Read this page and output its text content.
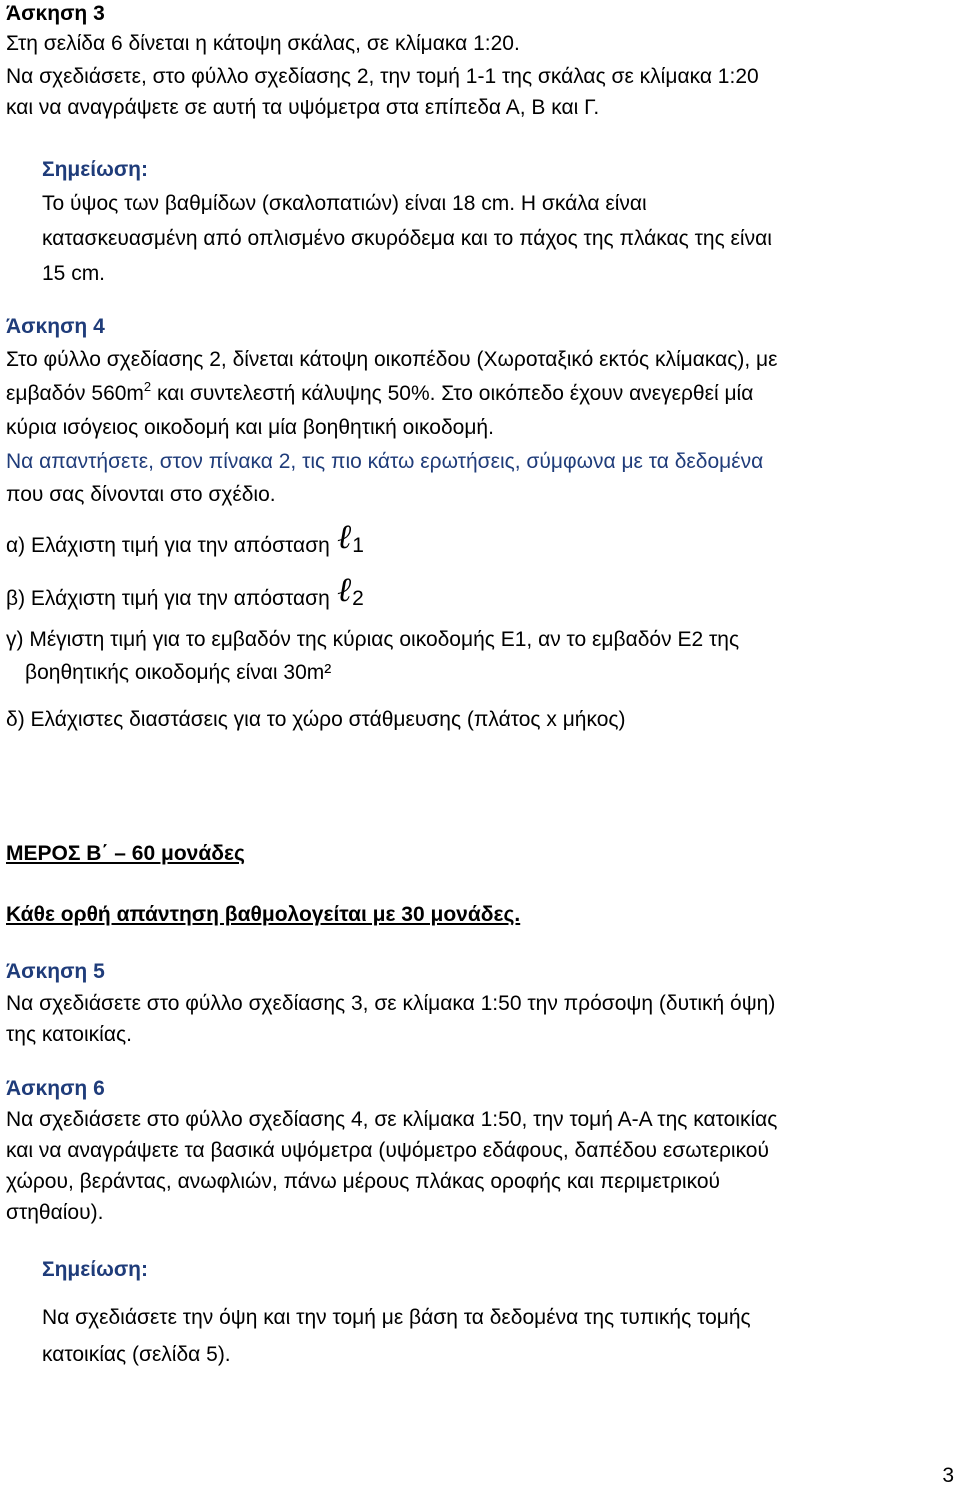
Άσκηση 3
Στη σελίδα 6 δίνεται η κάτοψη σκάλας, σε κλίμακα 1:20.
Να σχεδιάσετε, στο φύλλο σχεδίασης 2, την τομή 1-1 της σκάλας σε κλίμακα 1:20
και να αναγράψετε σε αυτή τα υψόμετρα στα επίπεδα Α, Β και Γ.
Σημείωση:
Το ύψος των βαθμίδων (σκαλοπατιών) είναι 18 cm. Η σκάλα είναι
κατασκευασμένη από οπλισμένο σκυρόδεμα και το πάχος της πλάκας της είναι
15 cm.
Άσκηση 4
Στο φύλλο σχεδίασης 2, δίνεται κάτοψη οικοπέδου (Χωροταξικό εκτός κλίμακας), με
εμβαδόν $560m^2$ και συντελεστή κάλυψης 50%. Στο οικόπεδο έχουν ανεγερθεί μία
κύρια ισόγειος οικοδομή και μία βοηθητική οικοδομή.
Να απαντήσετε, στον πίνακα 2, τις πιο κάτω ερωτήσεις, σύμφωνα με τα δεδομένα
που σας δίνονται στο σχέδιο.
α) Ελάχιστη τιμή για την απόσταση ℓ1
β) Ελάχιστη τιμή για την απόσταση ℓ2
γ) Μέγιστη τιμή για το εμβαδόν της κύριας οικοδομής Ε1, αν το εμβαδόν Ε2 της
βοηθητικής οικοδομής είναι 30m²
δ) Ελάχιστες διαστάσεις για το χώρο στάθμευσης (πλάτος x μήκος)
ΜΕΡΟΣ Β΄ – 60 μονάδες
Κάθε ορθή απάντηση βαθμολογείται με 30 μονάδες.
Άσκηση 5
Να σχεδιάσετε στο φύλλο σχεδίασης 3, σε κλίμακα 1:50 την πρόσοψη (δυτική όψη)
της κατοικίας.
Άσκηση 6
Να σχεδιάσετε στο φύλλο σχεδίασης 4, σε κλίμακα 1:50, την τομή Α-Α της κατοικίας
και να αναγράψετε τα βασικά υψόμετρα (υψόμετρο εδάφους, δαπέδου εσωτερικού
χώρου, βεράντας, ανωφλιών, πάνω μέρους πλάκας οροφής και περιμετρικού
στηθαίου).
Σημείωση:
Να σχεδιάσετε την όψη και την τομή με βάση τα δεδομένα της τυπικής τομής
κατοικίας (σελίδα 5).
3
